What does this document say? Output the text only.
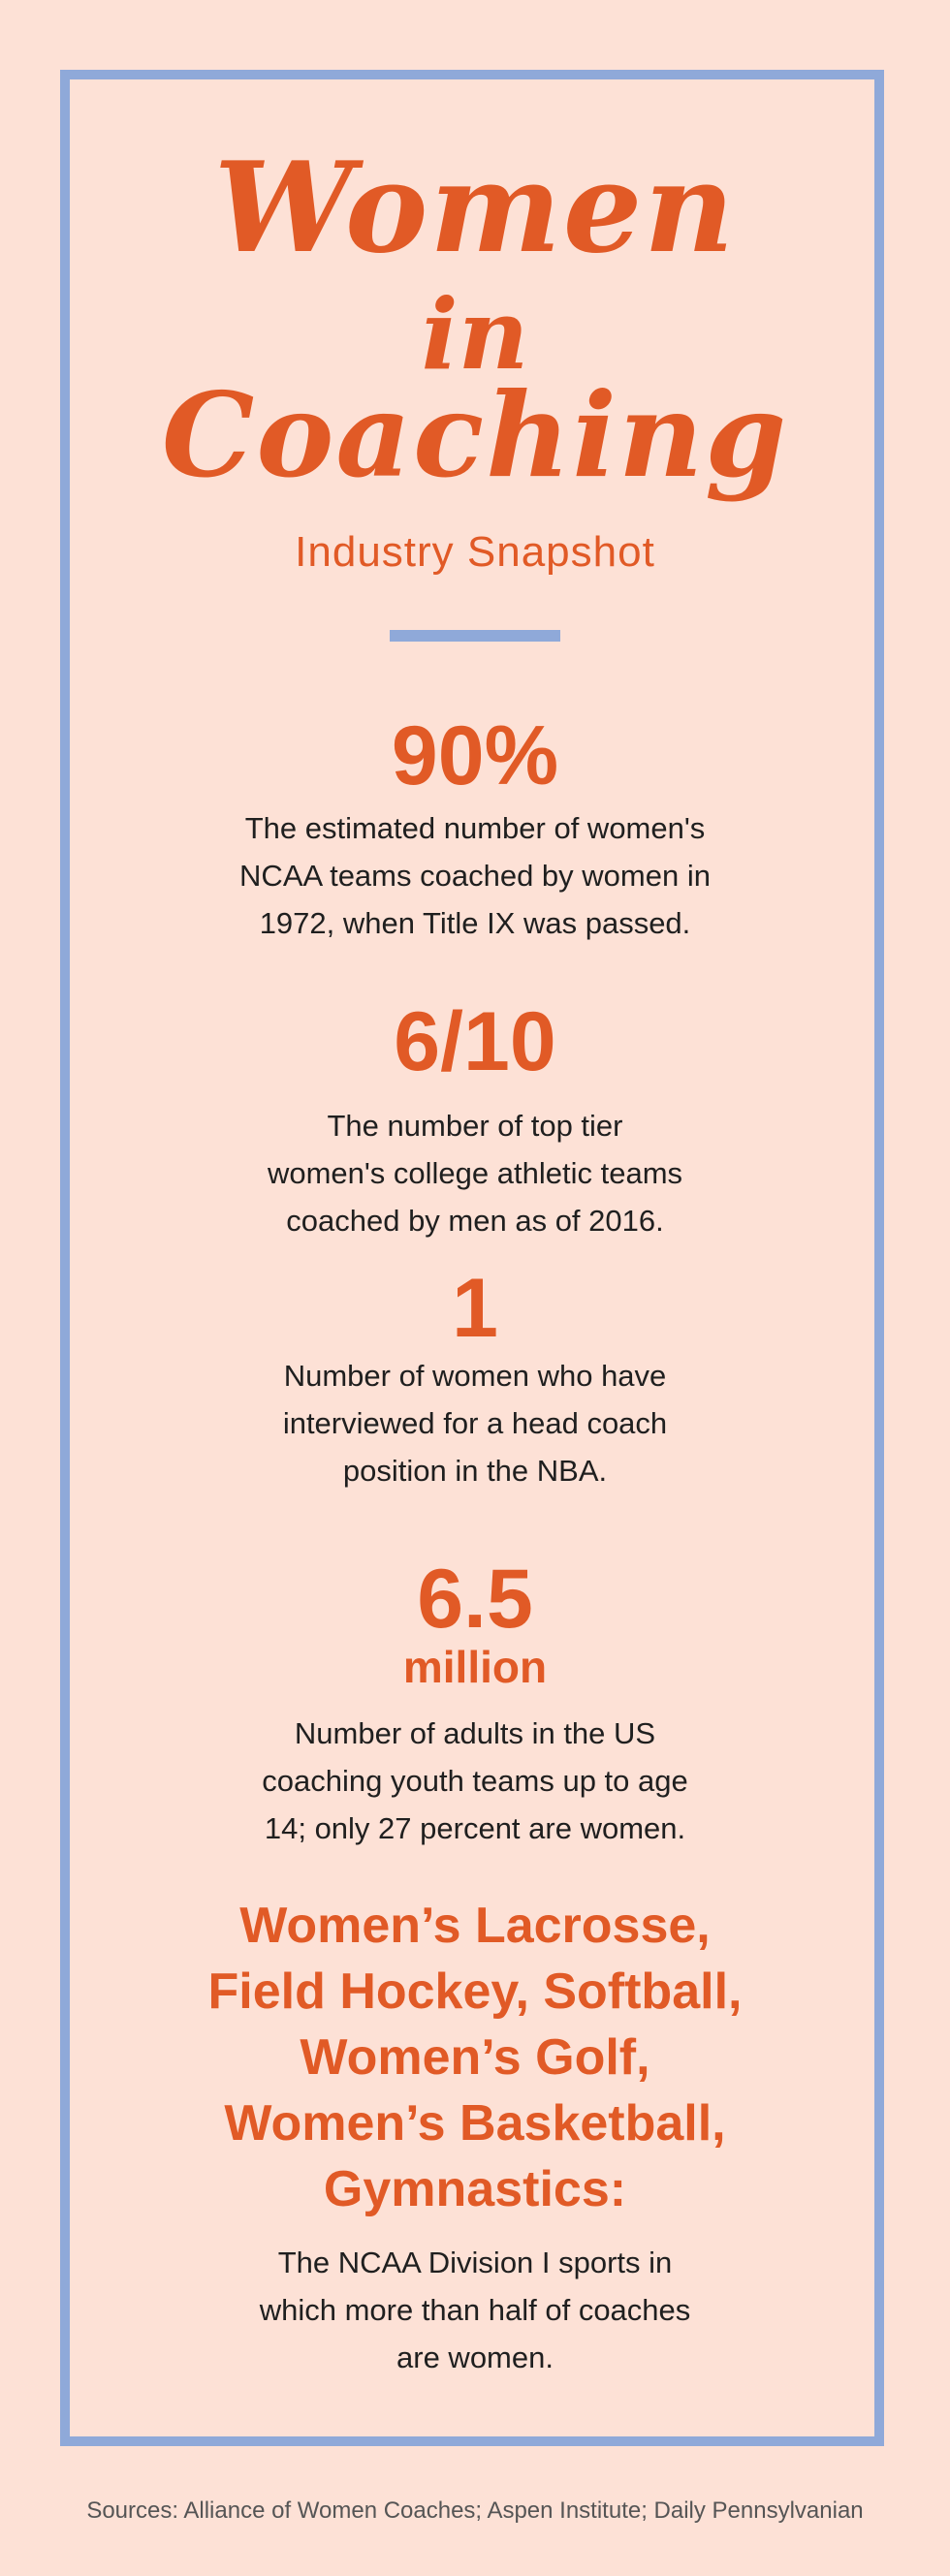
Women
in
Coaching
Industry Snapshot
90%
The estimated number of women's
NCAA teams coached by women in
1972, when Title IX was passed.
6/10
The number of top tier
women's college athletic teams
coached by men as of 2016.
1
Number of women who have
interviewed for a head coach
position in the NBA.
6.5
million
Number of adults in the US
coaching youth teams up to age
14; only 27 percent are women.
Women’s Lacrosse,
Field Hockey, Softball,
Women’s Golf,
Women’s Basketball,
Gymnastics:
The NCAA Division I sports in
which more than half of coaches
are women.
Sources: Alliance of Women Coaches; Aspen Institute; Daily Pennsylvanian
